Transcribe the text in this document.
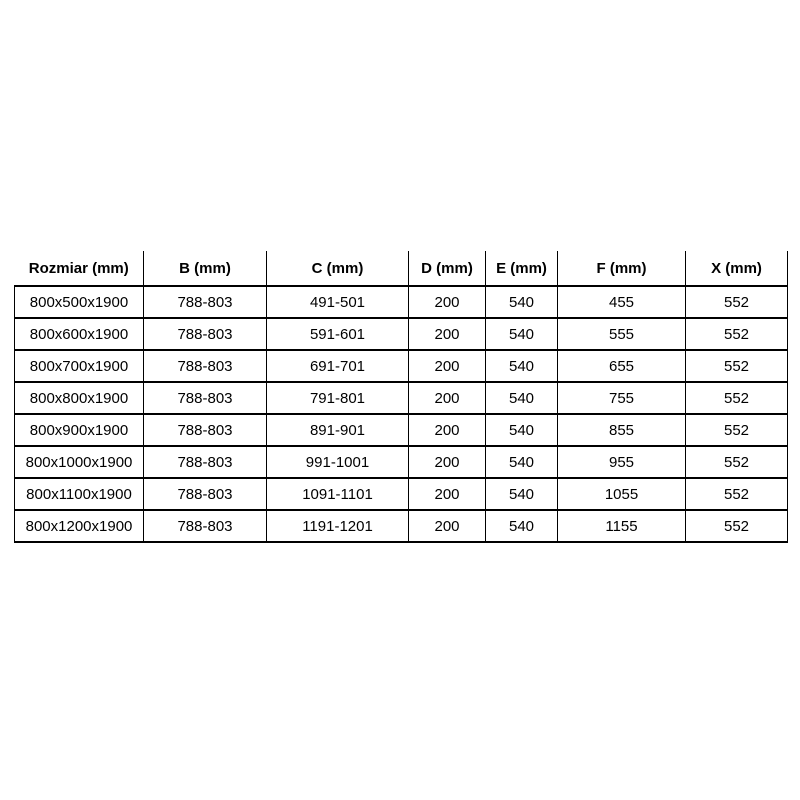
Rozmiar (mm)	B (mm)	C (mm)	D (mm)	E (mm)	F (mm)	X (mm)
800x500x1900	788-803	491-501	200	540	455	552
800x600x1900	788-803	591-601	200	540	555	552
800x700x1900	788-803	691-701	200	540	655	552
800x800x1900	788-803	791-801	200	540	755	552
800x900x1900	788-803	891-901	200	540	855	552
800x1000x1900	788-803	991-1001	200	540	955	552
800x1100x1900	788-803	1091-1101	200	540	1055	552
800x1200x1900	788-803	1191-1201	200	540	1155	552
